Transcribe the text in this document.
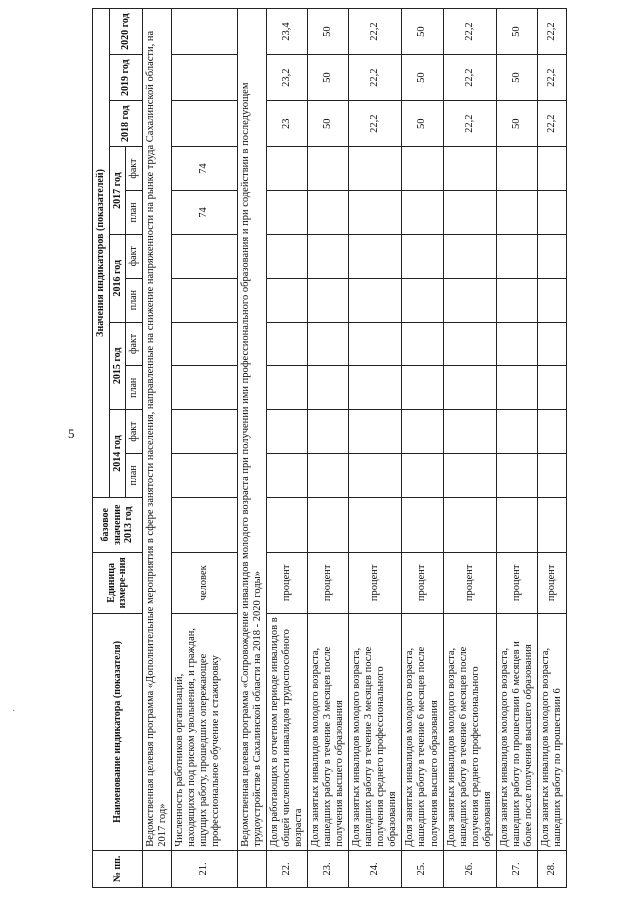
5
·
№ пп.	Наименование индикатора (показателя)	Единица измере-ния	базовое значение 2013 год	Значения индикаторов (показателей)										
				2014 год		2015 год		2016 год		2017 год		2018 год	2019 год	2020 год
				план	факт	план	факт	план	факт	план	факт			
	Ведомственная целевая программа «Дополнительные мероприятия в сфере занятости населения, направленные на снижение напряженности на рынке труда Сахалинской области, на 2017 год»													
21.	Численность работников организаций, находящихся под риском увольнения, и граждан, ищущих работу, прошедших опережающее профессиональное обучение и стажировку	человек								74	74			
	Ведомственная целевая программа «Сопровождение инвалидов молодого возраста при получении ими профессионального образования и при содействии в последующем трудоустройстве в Сахалинской области на 2018 - 2020 годы»													
22.	Доля работающих в отчетном периоде инвалидов в общей численности инвалидов трудоспособного возраста	процент										23	23,2	23,4
23.	Доля занятых инвалидов молодого возраста, нашедших работу в течение 3 месяцев после получения высшего образования	процент										50	50	50
24.	Доля занятых инвалидов молодого возраста, нашедших работу в течение 3 месяцев после получения среднего профессионального образования	процент										22,2	22,2	22,2
25.	Доля занятых инвалидов молодого возраста, нашедших работу в течение 6 месяцев после получения высшего образования	процент										50	50	50
26.	Доля занятых инвалидов молодого возраста, нашедших работу в течение 6 месяцев после получения среднего профессионального образования	процент										22,2	22,2	22,2
27.	Доля занятых инвалидов молодого возраста, нашедших работу по прошествии 6 месяцев и более после получения высшего образования	процент										50	50	50
28.	Доля занятых инвалидов молодого возраста, нашедших работу по прошествии 6	процент										22,2	22,2	22,2
